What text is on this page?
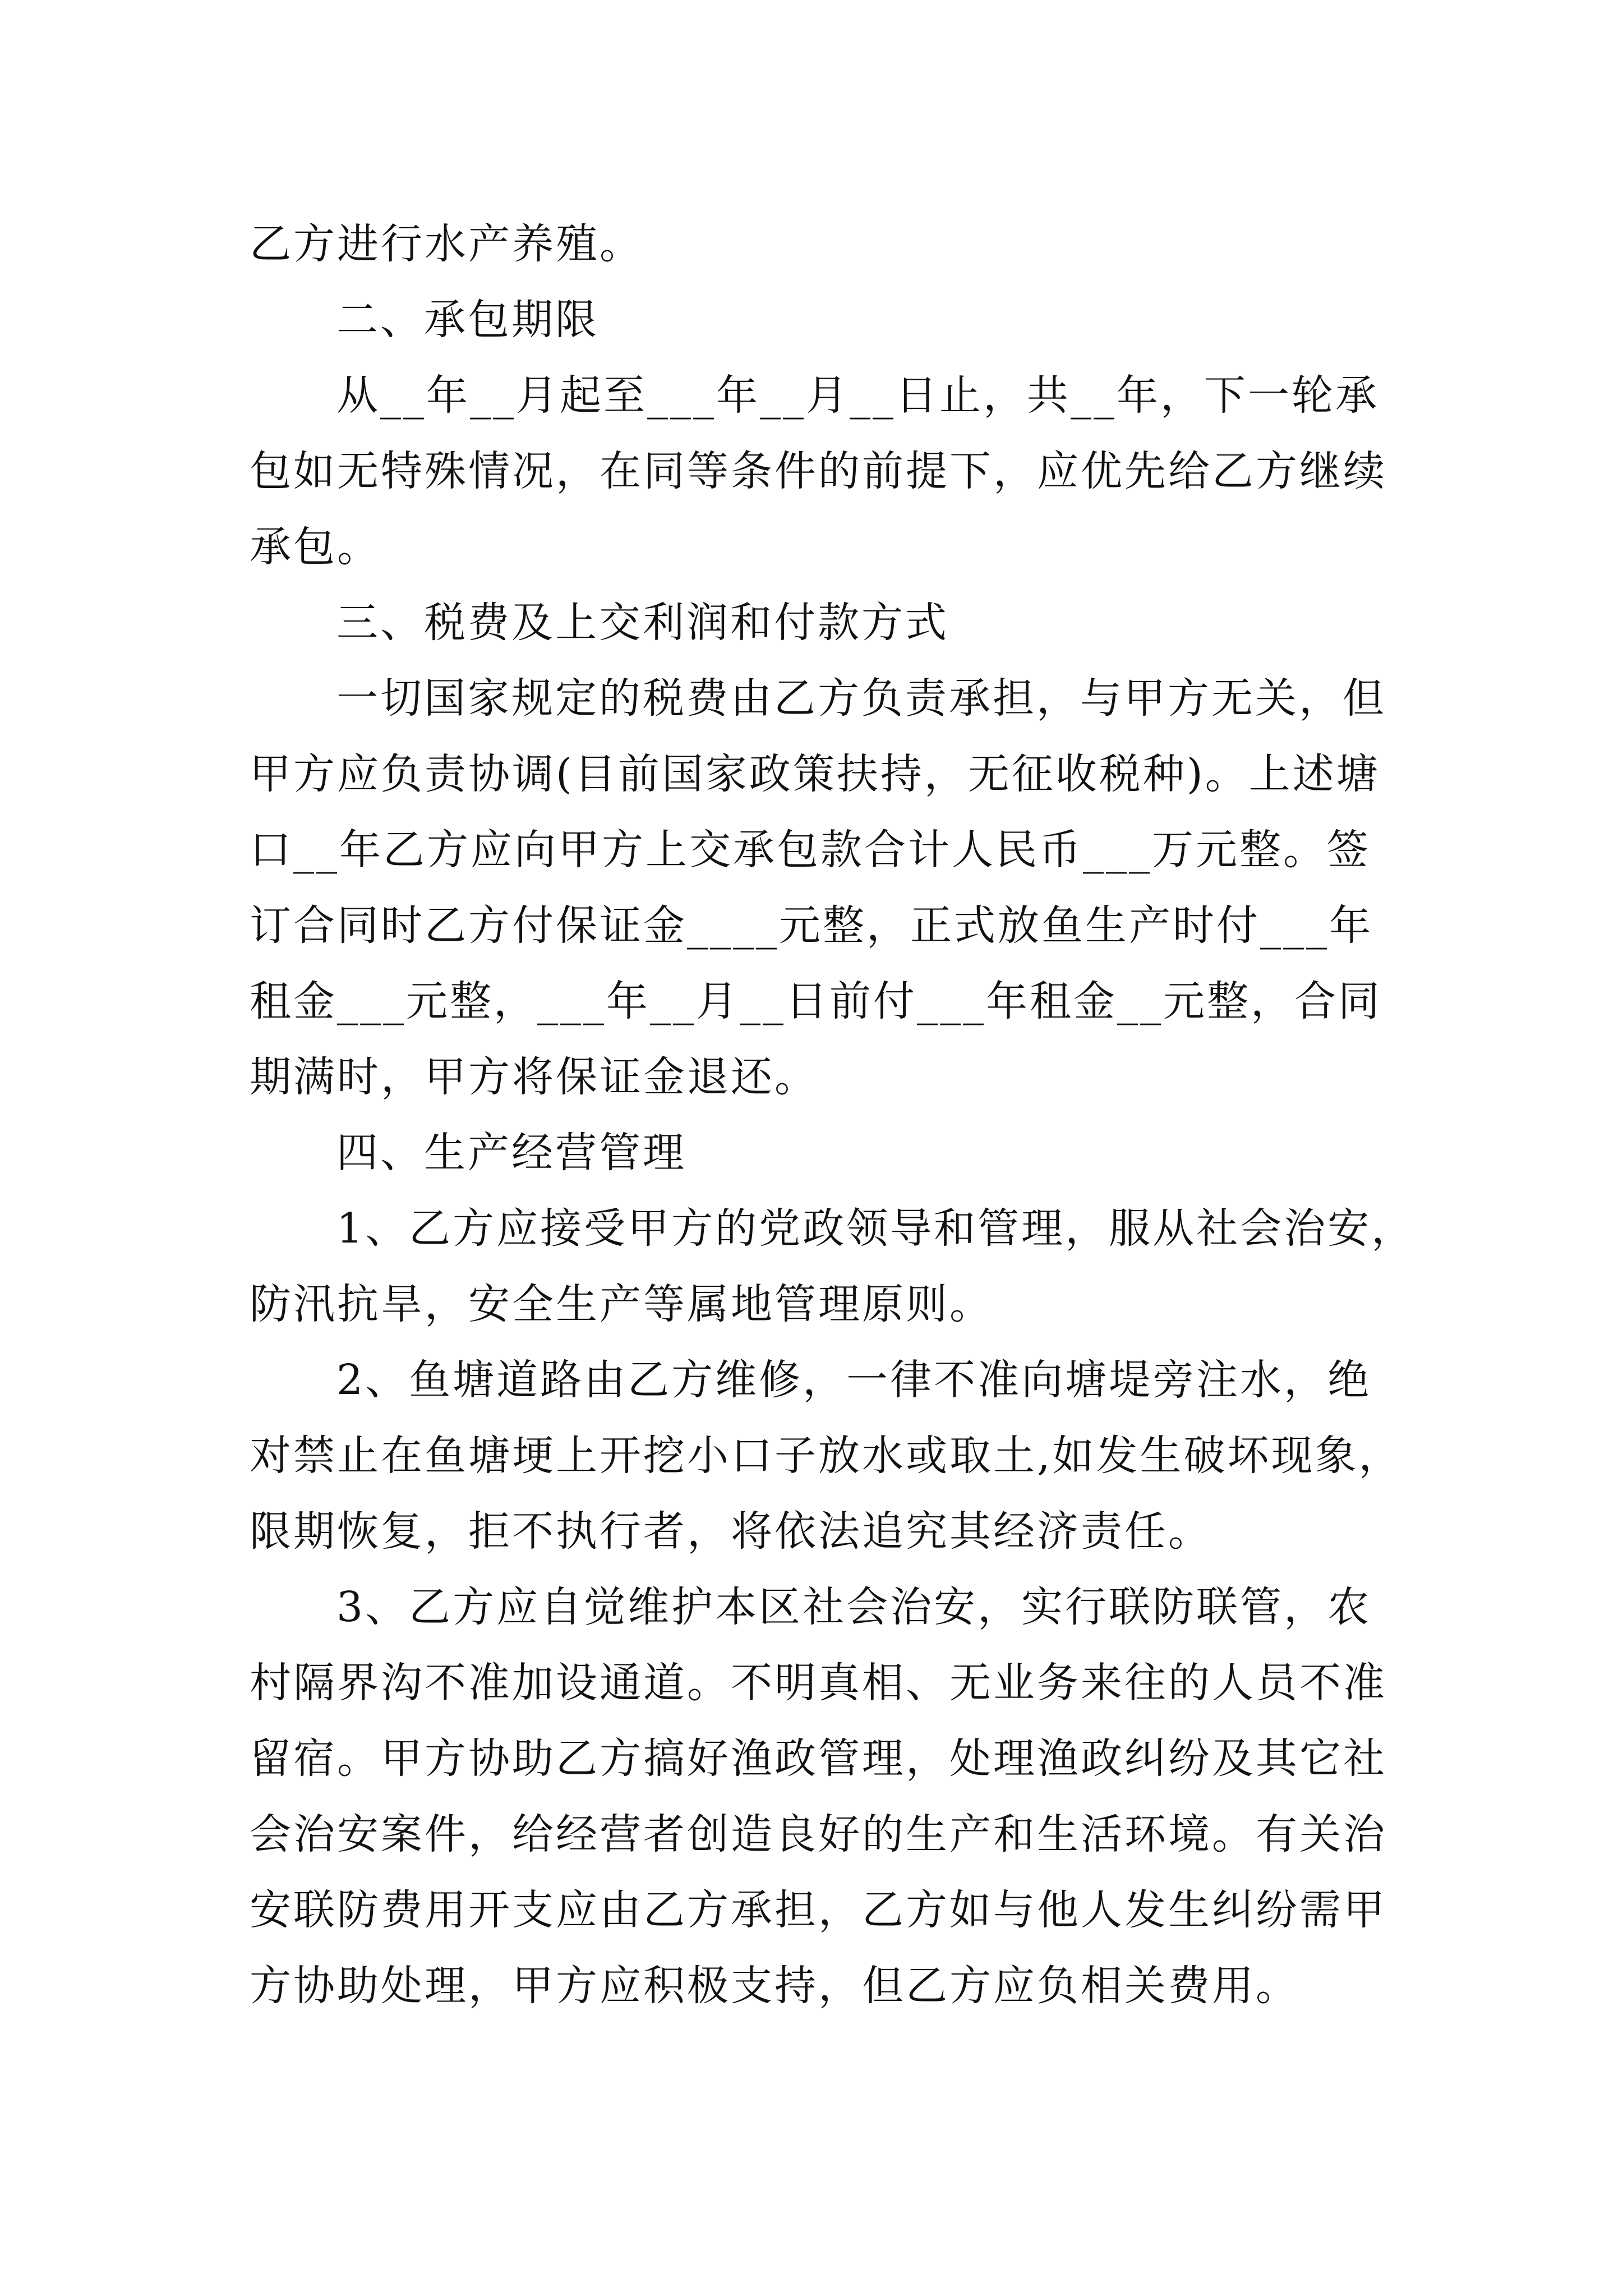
乙方进行水产养殖。
二、承包期限
从__年__月起至___年__月__日止，共__年，下一轮承
包如无特殊情况，在同等条件的前提下，应优先给乙方继续
承包。
三、税费及上交利润和付款方式
一切国家规定的税费由乙方负责承担，与甲方无关，但
甲方应负责协调(目前国家政策扶持，无征收税种)。上述塘
口__年乙方应向甲方上交承包款合计人民币___万元整。签
订合同时乙方付保证金____元整，正式放鱼生产时付___年
租金___元整，___年__月__日前付___年租金__元整，合同
期满时，甲方将保证金退还。
四、生产经营管理
1、乙方应接受甲方的党政领导和管理，服从社会治安，
防汛抗旱，安全生产等属地管理原则。
2、鱼塘道路由乙方维修，一律不准向塘堤旁注水，绝
对禁止在鱼塘埂上开挖小口子放水或取土,如发生破坏现象，
限期恢复，拒不执行者，将依法追究其经济责任。
3、乙方应自觉维护本区社会治安，实行联防联管，农
村隔界沟不准加设通道。不明真相、无业务来往的人员不准
留宿。甲方协助乙方搞好渔政管理，处理渔政纠纷及其它社
会治安案件，给经营者创造良好的生产和生活环境。有关治
安联防费用开支应由乙方承担，乙方如与他人发生纠纷需甲
方协助处理，甲方应积极支持，但乙方应负相关费用。
